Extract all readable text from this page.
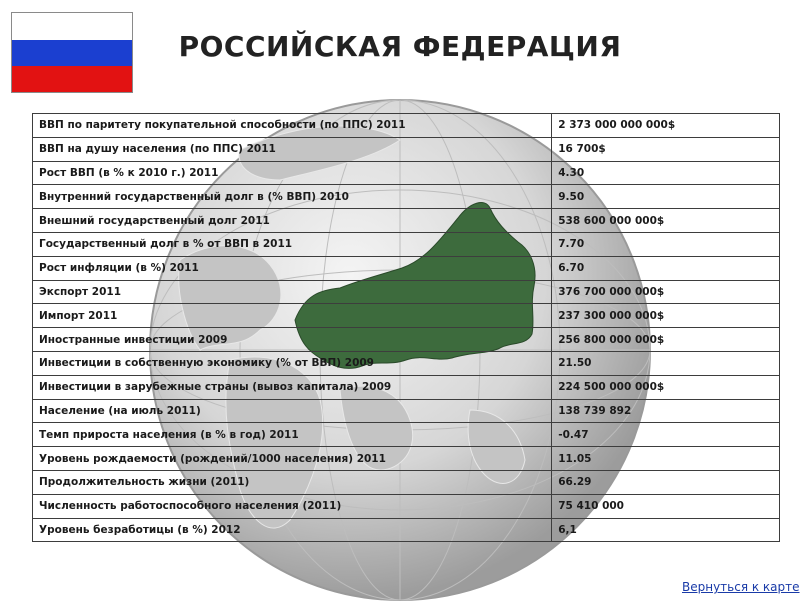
РОССИЙСКАЯ ФЕДЕРАЦИЯ
ВВП по паритету покупательной способности (по ППС) 2011	2 373 000 000 000$
ВВП на душу населения (по ППС) 2011	16 700$
Рост ВВП (в % к 2010 г.) 2011	4.30
Внутренний государственный долг в (% ВВП) 2010	9.50
Внешний государственный долг 2011	538 600 000 000$
Государственный долг в % от ВВП в 2011	7.70
Рост инфляции (в %) 2011	6.70
Экспорт 2011	376 700 000 000$
Импорт 2011	237 300 000 000$
Иностранные инвестиции 2009	256 800 000 000$
Инвестиции в собственную экономику (% от ВВП) 2009	21.50
Инвестиции в зарубежные страны (вывоз капитала) 2009	224 500 000 000$
Население (на июль 2011)	138 739 892
Темп прироста населения (в % в год) 2011	-0.47
Уровень рождаемости (рождений/1000 населения) 2011	11.05
Продолжительность жизни (2011)	66.29
Численность работоспособного населения (2011)	75 410 000
Уровень безработицы (в %) 2012	6,1
Вернуться к карте
